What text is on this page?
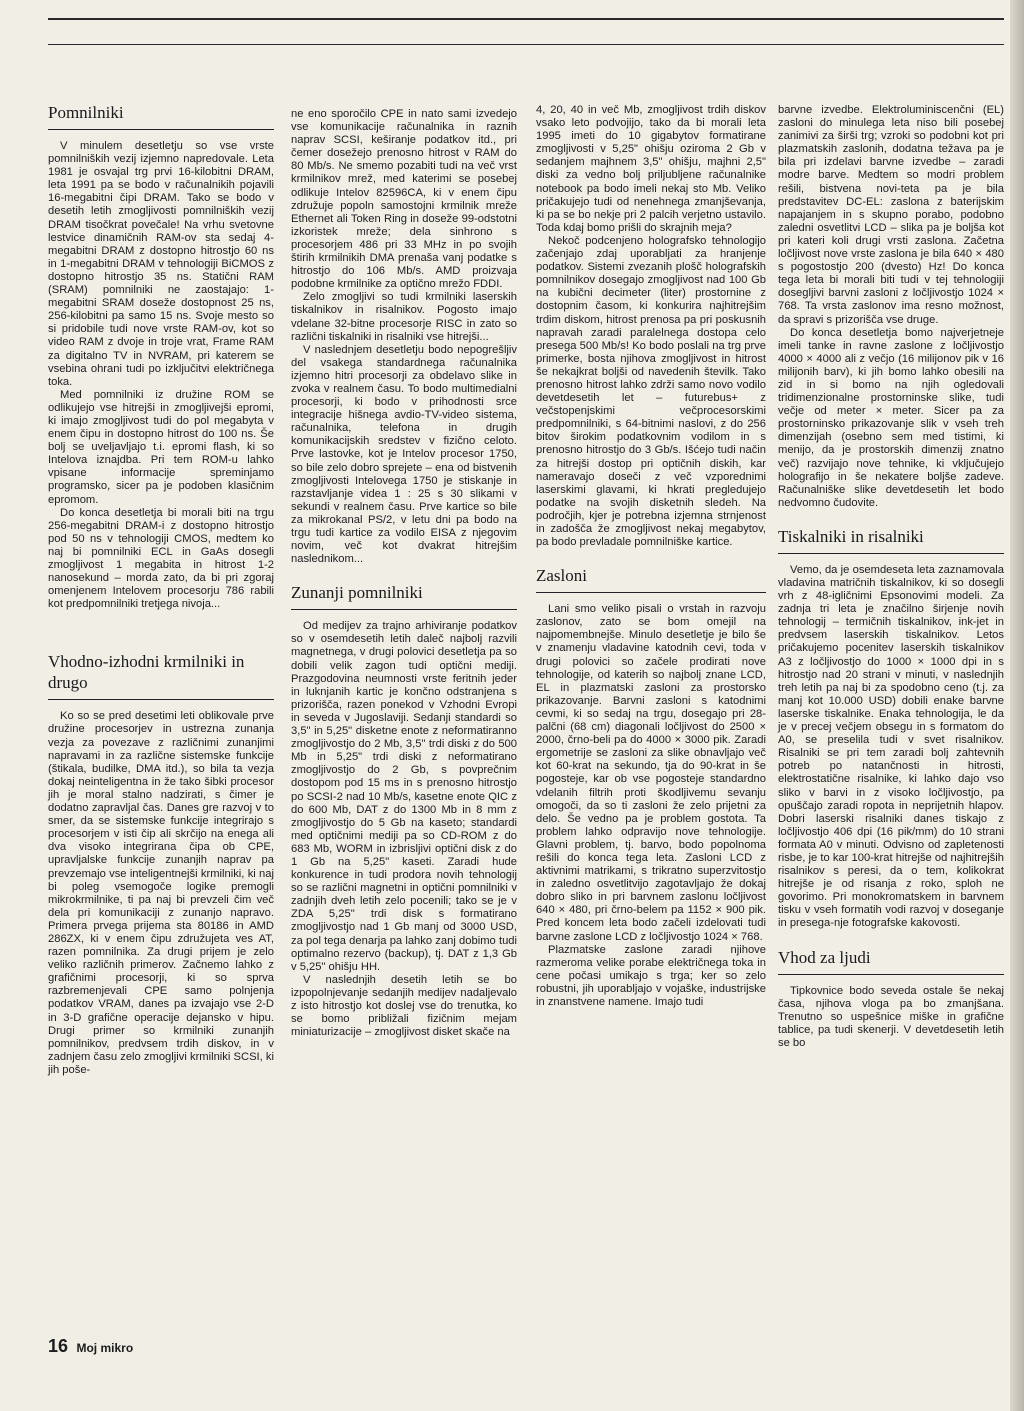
Pomnilniki

V minulem desetletju so vse vrste pomnilniških vezij izjemno napredovale. Leta 1981 je osvajal trg prvi 16-kilobitni DRAM, leta 1991 pa se bodo v računalnikih pojavili 16-megabitni čipi DRAM. Tako se bodo v desetih letih zmogljivosti pomnilniških vezij DRAM tisočkrat povečale! Na vrhu svetovne lestvice dinamičnih RAM-ov sta sedaj 4-megabitni DRAM z dostopno hitrostjo 60 ns in 1-megabitni DRAM v tehnologiji BiCMOS z dostopno hitrostjo 35 ns. Statični RAM (SRAM) pomnilniki ne zaostajajo: 1-megabitni SRAM doseže dostopnost 25 ns, 256-kilobitni pa samo 15 ns. Svoje mesto so si pridobile tudi nove vrste RAM-ov, kot so video RAM z dvoje in troje vrat, Frame RAM za digitalno TV in NVRAM, pri katerem se vsebina ohrani tudi po izključitvi električnega toka.

Med pomnilniki iz družine ROM se odlikujejo vse hitrejši in zmogljivejši epromi, ki imajo zmogljivost tudi do pol megabyta v enem čipu in dostopno hitrost do 100 ns. Še bolj se uveljavljajo t.i. epromi flash, ki so Intelova iznajdba. Pri tem ROM-u lahko vpisane informacije spreminjamo programsko, sicer pa je podoben klasičnim epromom.

Do konca desetletja bi morali biti na trgu 256-megabitni DRAM-i z dostopno hitrostjo pod 50 ns v tehnologiji CMOS, medtem ko naj bi pomnilniki ECL in GaAs dosegli zmogljivost 1 megabita in hitrost 1-2 nanosekund – morda zato, da bi pri zgoraj omenjenem Intelovem procesorju 786 rabili kot predpomnilniki tretjega nivoja...

Vhodno-izhodni krmilniki in drugo

Ko so se pred desetimi leti oblikovale prve družine procesorjev in ustrezna zunanja vezja za povezave z različnimi zunanjimi napravami in za različne sistemske funkcije (štikala, budilke, DMA itd.), so bila ta vezja dokaj neinteligentna in že tako šibki procesor jih je moral stalno nadzirati, s čimer je dodatno zapravljal čas. Danes gre razvoj v to smer, da se sistemske funkcije integrirajo s procesorjem v isti čip ali skrčijo na enega ali dva visoko integrirana čipa ob CPE, upravljalske funkcije zunanjih naprav pa prevzemajo vse inteligentnejši krmilniki, ki naj bi poleg vsemogoče logike premogli mikrokrmilnike, ti pa naj bi prevzeli čim več dela pri komunikaciji z zunanjo napravo. Primera prvega prijema sta 80186 in AMD 286ZX, ki v enem čipu združujeta ves AT, razen pomnilnika. Za drugi prijem je zelo veliko različnih primerov. Začnemo lahko z grafičnimi procesorji, ki so sprva razbremenjevali CPE samo polnjenja podatkov VRAM, danes pa izvajajo vse 2-D in 3-D grafične operacije dejansko v hipu. Drugi primer so krmilniki zunanjih pomnilnikov, predvsem trdih diskov, in v zadnjem času zelo zmogljivi krmilniki SCSI, ki jih poše-

ne eno sporočilo CPE in nato sami izvedejo vse komunikacije računalnika in raznih naprav SCSI, keširanje podatkov itd., pri čemer dosežejo prenosno hitrost v RAM do 80 Mb/s. Ne smemo pozabiti tudi na več vrst krmilnikov mrež, med katerimi se posebej odlikuje Intelov 82596CA, ki v enem čipu združuje popoln samostojni krmilnik mreže Ethernet ali Token Ring in doseže 99-odstotni izkoristek mreže; dela sinhrono s procesorjem 486 pri 33 MHz in po svojih štirih krmilnikih DMA prenaša vanj podatke s hitrostjo do 106 Mb/s. AMD proizvaja podobne krmilnike za optično mrežo FDDI.

Zelo zmogljivi so tudi krmilniki laserskih tiskalnikov in risalnikov. Pogosto imajo vdelane 32-bitne procesorje RISC in zato so različni tiskalniki in risalniki vse hitrejši...

V naslednjem desetletju bodo nepogrešljiv del vsakega standardnega računalnika izjemno hitri procesorji za obdelavo slike in zvoka v realnem času. To bodo multimedialni procesorji, ki bodo v prihodnosti srce integracije hišnega avdio-TV-video sistema, računalnika, telefona in drugih komunikacijskih sredstev v fizično celoto. Prve lastovke, kot je Intelov procesor 1750, so bile zelo dobro sprejete – ena od bistvenih zmogljivosti Intelovega 1750 je stiskanje in razstavljanje videa 1 : 25 s 30 slikami v sekundi v realnem času. Prve kartice so bile za mikrokanal PS/2, v letu dni pa bodo na trgu tudi kartice za vodilo EISA z njegovim novim, več kot dvakrat hitrejšim naslednikom...

Zunanji pomnilniki

Od medijev za trajno arhiviranje podatkov so v osemdesetih letih daleč najbolj razvili magnetnega, v drugi polovici desetletja pa so dobili velik zagon tudi optični mediji. Prazgodovina neumnosti vrste feritnih jeder in luknjanih kartic je končno odstranjena s prizorišča, razen ponekod v Vzhodni Evropi in seveda v Jugoslaviji. Sedanji standardi so 3,5" in 5,25" disketne enote z neformatiranno zmogljivostjo do 2 Mb, 3,5" trdi diski z do 500 Mb in 5,25" trdi diski z neformatirano zmogljivostjo do 2 Gb, s povprečnim dostopom pod 15 ms in s prenosno hitrostjo po SCSI-2 nad 10 Mb/s, kasetne enote QIC z do 600 Mb, DAT z do 1300 Mb in 8 mm z zmogljivostjo do 5 Gb na kaseto; standardi med optičnimi mediji pa so CD-ROM z do 683 Mb, WORM in izbrisljivi optični disk z do 1 Gb na 5,25" kaseti. Zaradi hude konkurence in tudi prodora novih tehnologij so se različni magnetni in optični pomnilniki v zadnjih dveh letih zelo pocenili; tako se je v ZDA 5,25" trdi disk s formatirano zmogljivostjo nad 1 Gb manj od 3000 USD, za pol tega denarja pa lahko zanj dobimo tudi optimalno rezervo (backup), tj. DAT z 1,3 Gb v 5,25" ohišju HH.

V naslednjih desetih letih se bo izpopolnjevanje sedanjih medijev nadaljevalo z isto hitrostjo kot doslej vse do trenutka, ko se bomo približali fizičnim mejam miniaturizacije – zmogljivost disket skače na

4, 20, 40 in več Mb, zmogljivost trdih diskov vsako leto podvojijo, tako da bi morali leta 1995 imeti do 10 gigabytov formatirane zmogljivosti v 5,25" ohišju oziroma 2 Gb v sedanjem majhnem 3,5" ohišju, majhni 2,5" diski za vedno bolj priljubljene računalnike notebook pa bodo imeli nekaj sto Mb. Veliko pričakujejo tudi od nenehnega zmanjševanja, ki pa se bo nekje pri 2 palcih verjetno ustavilo. Toda kdaj bomo prišli do skrajnih meja?

Nekoč podcenjeno holografsko tehnologijo začenjajo zdaj uporabljati za hranjenje podatkov. Sistemi zvezanih plošč holografskih pomnilnikov dosegajo zmogljivost nad 100 Gb na kubični decimeter (liter) prostornine z dostopnim časom, ki konkurira najhitrejšim trdim diskom, hitrost prenosa pa pri poskusnih napravah zaradi paralelnega dostopa celo presega 500 Mb/s! Ko bodo poslali na trg prve primerke, bosta njihova zmogljivost in hitrost še nekajkrat boljši od navedenih številk. Tako prenosno hitrost lahko zdrži samo novo vodilo devetdesetih let – futurebus+ z večstopenjskimi večprocesorskimi predpomnilniki, s 64-bitnimi naslovi, z do 256 bitov širokim podatkovnim vodilom in s prenosno hitrostjo do 3 Gb/s. Išćejo tudi način za hitrejši dostop pri optičnih diskih, kar nameravajo doseči z več vzporednimi laserskimi glavami, ki hkrati pregledujejo podatke na svojih disketnih sledeh. Na področjih, kjer je potrebna izjemna strnjenost in zadošča že zmogljivost nekaj megabytov, pa bodo prevladale pomnilniške kartice.

Zasloni

Lani smo veliko pisali o vrstah in razvoju zaslonov, zato se bom omejil na najpomembnejše. Minulo desetletje je bilo še v znamenju vladavine katodnih cevi, toda v drugi polovici so začele prodirati nove tehnologije, od katerih so najbolj znane LCD, EL in plazmatski zasloni za prostorsko prikazovanje. Barvni zasloni s katodnimi cevmi, ki so sedaj na trgu, dosegajo pri 28-palčni (68 cm) diagonali ločljivost do 2500 × 2000, črno-beli pa do 4000 × 3000 pik. Zaradi ergometrije se zasloni za slike obnavljajo več kot 60-krat na sekundo, tja do 90-krat in še pogosteje, kar ob vse pogosteje standardno vdelanih filtrih proti škodljivemu sevanju omogoči, da so ti zasloni že zelo prijetni za delo. Še vedno pa je problem gostota. Ta problem lahko odpravijo nove tehnologije. Glavni problem, tj. barvo, bodo popolnoma rešili do konca tega leta. Zasloni LCD z aktivnimi matrikami, s trikratno superzvitostjo in zaledno osvetlitvijo zagotavljajo že dokaj dobro sliko in pri barvnem zaslonu ločljivost 640 × 480, pri črno-belem pa 1152 × 900 pik. Pred koncem leta bodo začeli izdelovati tudi barvne zaslone LCD z ločljivostjo 1024 × 768.

Plazmatske zaslone zaradi njihove razmeroma velike porabe električnega toka in cene počasi umikajo s trga; ker so zelo robustni, jih uporabljajo v vojaške, industrijske in znanstvene namene. Imajo tudi

barvne izvedbe. Elektroluminiscenčni (EL) zasloni do minulega leta niso bili posebej zanimivi za širši trg; vzroki so podobni kot pri plazmatskih zaslonih, dodatna težava pa je bila pri izdelavi barvne izvedbe – zaradi modre barve. Medtem so modri problem rešili, bistvena novi-teta pa je bila predstavitev DC-EL: zaslona z baterijskim napajanjem in s skupno porabo, podobno zaledni osvetlitvi LCD – slika pa je boljša kot pri kateri koli drugi vrsti zaslona. Začetna ločljivost nove vrste zaslona je bila 640 × 480 s pogostostjo 200 (dvesto) Hz! Do konca tega leta bi morali biti tudi v tej tehnologiji dosegljivi barvni zasloni z ločljivostjo 1024 × 768. Ta vrsta zaslonov ima resno možnost, da spravi s prizorišča vse druge.

Do konca desetletja bomo najverjetneje imeli tanke in ravne zaslone z ločljivostjo 4000 × 4000 ali z večjo (16 milijonov pik v 16 milijonih barv), ki jih bomo lahko obesili na zid in si bomo na njih ogledovali tridimenzionalne prostorninske slike, tudi večje od meter × meter. Sicer pa za prostorninsko prikazovanje slik v vseh treh dimenzijah (osebno sem med tistimi, ki menijo, da je prostorskih dimenzij znatno več) razvijajo nove tehnike, ki vključujejo holografijo in še nekatere boljše zadeve. Računalniške slike devetdesetih let bodo nedvomno čudovite.

Tiskalniki in risalniki

Vemo, da je osemdeseta leta zaznamovala vladavina matričnih tiskalnikov, ki so dosegli vrh z 48-igličnimi Epsonovimi modeli. Za zadnja tri leta je značilno širjenje novih tehnologij – termičnih tiskalnikov, ink-jet in predvsem laserskih tiskalnikov. Letos pričakujemo pocenitev laserskih tiskalnikov A3 z ločljivostjo do 1000 × 1000 dpi in s hitrostjo nad 20 strani v minuti, v naslednjih treh letih pa naj bi za spodobno ceno (t.j. za manj kot 10.000 USD) dobili enake barvne laserske tiskalnike. Enaka tehnologija, le da je v precej večjem obsegu in s formatom do A0, se preselila tudi v svet risalnikov. Risalniki se pri tem zaradi bolj zahtevnih potreb po natančnosti in hitrosti, elektrostatične risalnike, ki lahko dajo vso sliko v barvi in z visoko ločljivostjo, pa opuščajo zaradi ropota in neprijetnih hlapov. Dobri laserski risalniki danes tiskajo z ločljivostjo 406 dpi (16 pik/mm) do 10 strani formata A0 v minuti. Odvisno od zapletenosti risbe, je to kar 100-krat hitrejše od najhitrejših risalnikov s peresi, da o tem, kolikokrat hitrejše je od risanja z roko, sploh ne govorimo. Pri monokromatskem in barvnem tisku v vseh formatih vodi razvoj v doseganje in presega-nje fotografske kakovosti.

Vhod za ljudi

Tipkovnice bodo seveda ostale še nekaj časa, njihova vloga pa bo zmanjšana. Trenutno so uspešnice miške in grafične tablice, pa tudi skenerji. V devetdesetih letih se bo

16 Moj mikro
